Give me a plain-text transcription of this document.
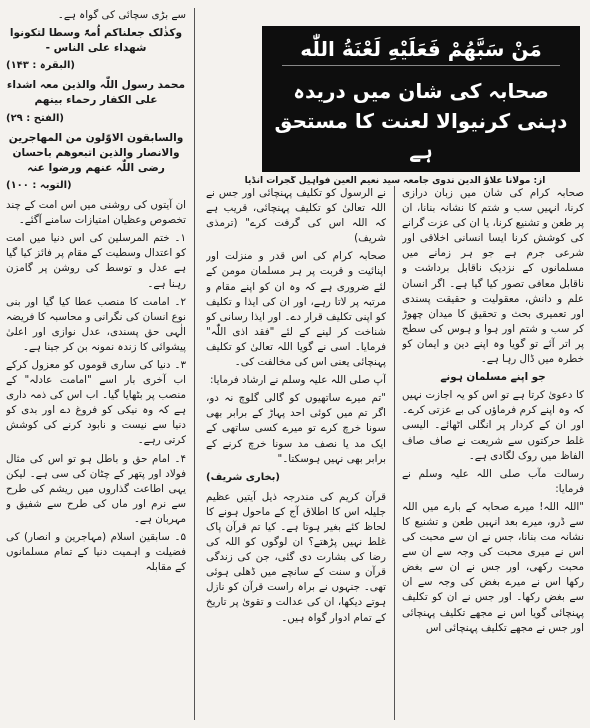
مَنْ سَبَّهُمْ فَعَلَيْهِ لَعْنَةُ اللّٰه
صحابہ کی شان میں دریدہ دہنی کرنیوالا لعنت کا مستحق ہے
از: مولانا علاؤ الدین ندوی جامعہ سید نعیم العین فواہیل گجرات انڈیا

صحابہ کرام کی شان میں زبان درازی کرنا، انہیں سب و شتم کا نشانہ بنانا، ان پر طعن و تشنیع کرنا، یا ان کی عزت گرانے کی کوشش کرنا ایسا انسانی اخلاقی اور شرعی جرم ہے جو ہر زمانے میں مسلمانوں کے نزدیک ناقابل برداشت و ناقابل معافی تصور کیا گیا ہے۔ اگر انسان علم و دانش، معقولیت و حقیقت پسندی اور تعمیری بحث و تحقیق کا میدان چھوڑ کر سب و شتم اور ہوا و ہوس کی سطح پر اتر آئے تو گویا وہ اپنے دین و ایمان کو خطرہ میں ڈال رہا ہے۔

جو اپنے مسلمان ہونے

کا دعویٰ کرتا ہے تو اس کو یہ اجازت نہیں کہ وہ اپنے کرم فرماؤں کی بے عزتی کرے۔ اور ان کے کردار پر انگلی اٹھائے۔ الیسی غلط حرکتوں سے شریعت نے صاف صاف الفاظ میں روک لگادی ہے۔

رسالت مآب صلی اللہ علیہ وسلم نے فرمایا:

"اللہ اللہ! میرے صحابہ کے بارے میں اللہ سے ڈرو، میرے بعد انہیں طعن و تشنیع کا نشانہ مت بنانا، جس نے ان سے محبت کی اس نے میری محبت کی وجہ سے ان سے محبت رکھی، اور جس نے ان سے بغض رکھا اس نے میرے بغض کی وجہ سے ان سے بغض رکھا۔ اور جس نے ان کو تکلیف پہنچائی گویا اس نے مجھے تکلیف پہنچائی اور جس نے مجھے تکلیف پہنچائی اس

نے الرسول کو تکلیف پہنچائی اور جس نے اللہ تعالیٰ کو تکلیف پہنچائی، قریب ہے کہ اللہ اس کی گرفت کرے" (ترمذی شریف)

صحابہ کرام کی اس قدر و منزلت اور اپنائیت و قربت پر ہر مسلمان مومن کے لئے ضروری ہے کہ وہ ان کو اپنے مقام و مرتبہ پر لاتا رہے، اور ان کی ایذا و تکلیف کو اپنی تکلیف قرار دے۔ اور ایذا رسانی کو شناخت کر لینے کے لئے "فقد اذی اللّٰہ" فرمایا۔ اسی نے گویا اللہ تعالیٰ کو تکلیف پہنچائی یعنی اس کی مخالفت کی۔

آپ صلی اللہ علیہ وسلم نے ارشاد فرمایا:

"تم میرے ساتھیوں کو گالی گلوچ نہ دو، اگر تم میں کوئی احد پہاڑ کے برابر بھی سونا خرچ کرے تو میرے کسی ساتھی کے ایک مد یا نصف مد سونا خرچ کرنے کے برابر بھی نہیں ہوسکتا۔"

(بخاری شریف)

قرآن کریم کی مندرجہ ذیل آیتیں عظیم جلیلہ اس کا اطلاق آج کے ماحول ہونے کا لحاظ کئے بغیر ہوتا ہے۔ کیا تم قرآن پاک غلط نہیں پڑھتے؟ ان لوگوں کو اللہ کی رضا کی بشارت دی گئی، جن کی زندگی قرآن و سنت کے سانچے میں ڈھلی ہوئی تھی۔ جنہوں نے براہ راست قرآن کو نازل ہوتے دیکھا، ان کی عدالت و تقویٰ پر تاریخ کے تمام ادوار گواہ ہیں۔

سے بڑی سچائی کی گواہ ہے۔

وکذٰلک جعلناکم اُمۃً وسطا لتکونوا شھداء علی الناس -

(البقرہ : ۱۴۳)

محمد رسول اللّٰہ والذین معہ اشداء علی الکفار رحماء بینھم

(الفتح : ۲۹)

والسابقون الاوّلون من المھاجرین والانصار والذین اتبعوھم باحسان رضی اللّٰہ عنھم ورضوا عنہ

(التوبہ : ۱۰۰)

ان آیتوں کی روشنی میں اس امت کے چند تخصوص وعظیان امتیازات سامنے آگئے۔

۱۔ ختم المرسلین کی اس دنیا میں امت کو اعتدال وسطیت کے مقام پر فائز کیا گیا ہے عدل و توسط کی روشن پر گامزن رہنا ہے۔

۲۔ امامت کا منصب عطا کیا گیا اور بنی نوع انسان کی نگرانی و محاسبہ کا فریضہ الٰہی حق پسندی، عدل نوازی اور اعلیٰ پیشوائی کا زندہ نمونہ بن کر جینا ہے۔

۳۔ دنیا کی ساری قوموں کو معزول کرکے اب آخری بار اسے "امامت عادلہ" کے منصب پر بٹھایا گیا۔ اب اس کی ذمہ داری ہے کہ وہ نیکی کو فروغ دے اور بدی کو دنیا سے نیست و نابود کرنے کی کوشش کرتی رہے۔

۴۔ امام حق و باطل ہو تو اس کی مثال فولاد اور پتھر کے چٹان کی سی ہے۔ لیکن یہی اطاعت گذاروں میں ریشم کی طرح سے نرم اور ماں کی طرح سے شفیق و مہربان ہے۔

۵۔ سابقین اسلام (مہاجرین و انصار) کی فضیلت و اہمیت دنیا کے تمام مسلمانوں کے مقابلہ
